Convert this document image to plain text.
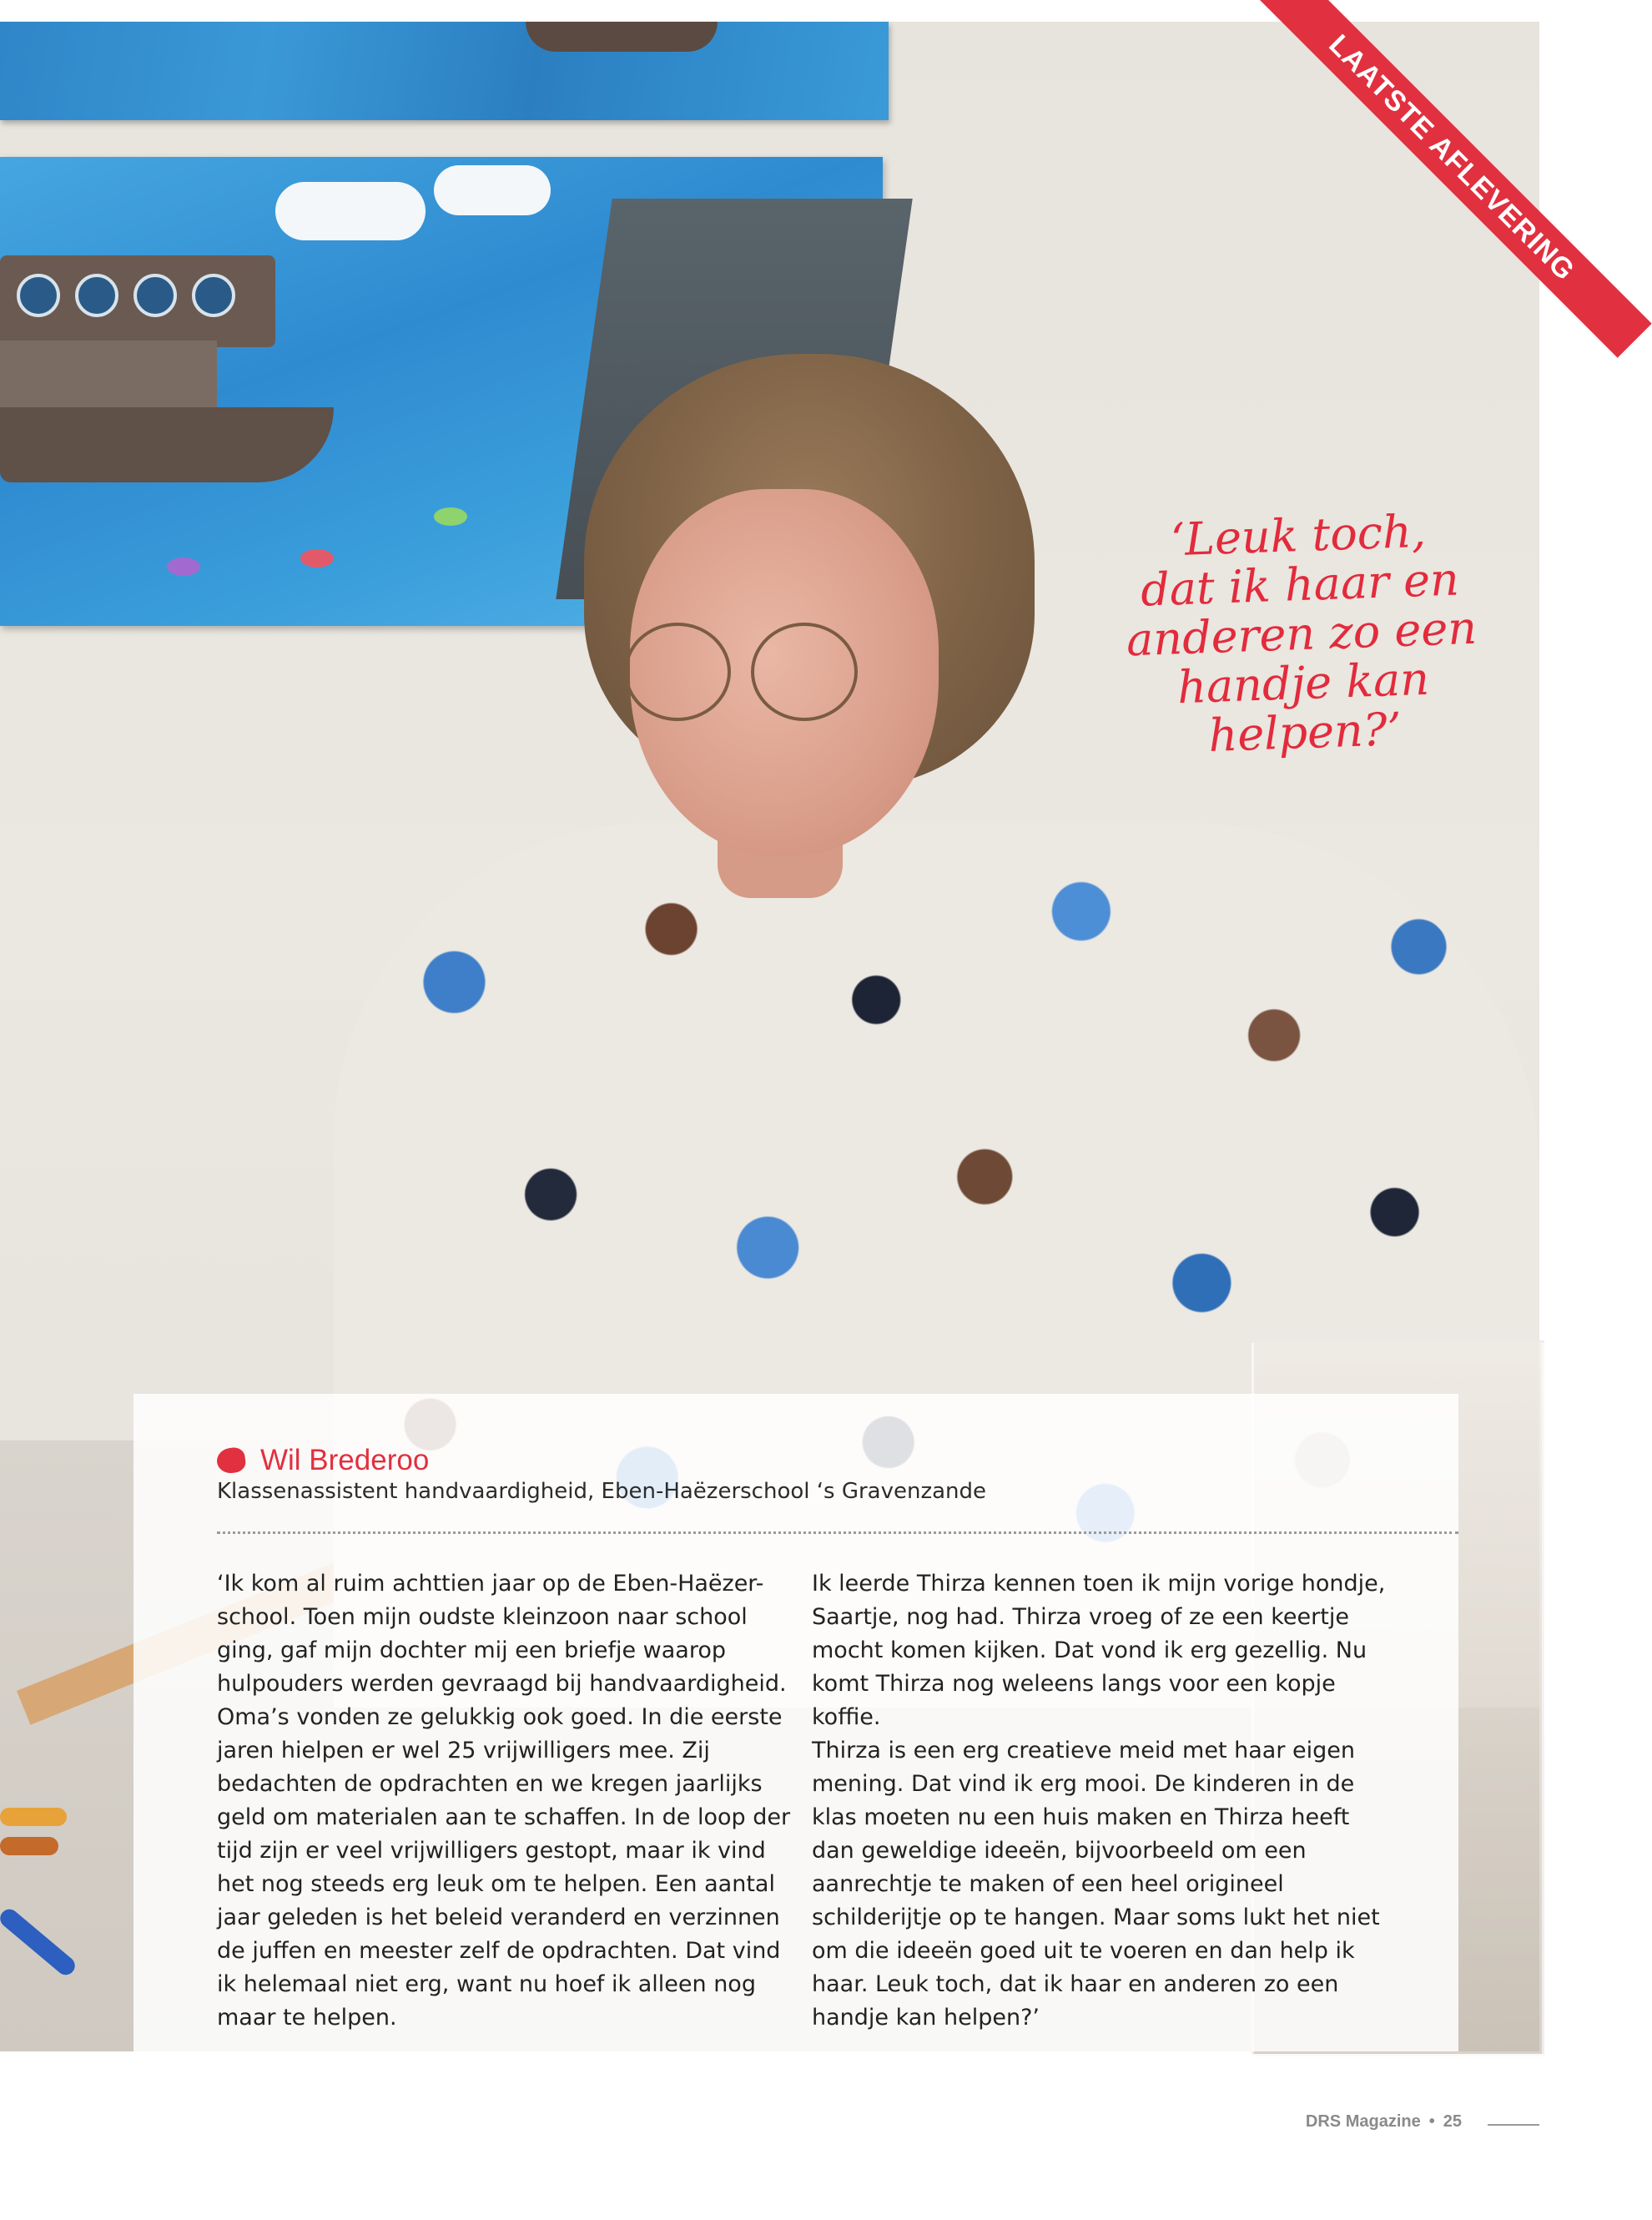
LAATSTE AFLEVERING
‘Leuk toch,
dat ik haar en
anderen zo een
handje kan
helpen?’
Wil Brederoo
Klassenassistent handvaardigheid, Eben-Haëzerschool ‘s Gravenzande

‘Ik kom al ruim achttien jaar op de Eben-Haëzer-school. Toen mijn oudste kleinzoon naar school ging, gaf mijn dochter mij een briefje waarop hulpouders werden gevraagd bij handvaardigheid. Oma’s vonden ze gelukkig ook goed. In die eerste jaren hielpen er wel 25 vrijwilligers mee. Zij bedachten de opdrachten en we kregen jaarlijks geld om materialen aan te schaffen. In de loop der tijd zijn er veel vrijwilligers gestopt, maar ik vind het nog steeds erg leuk om te helpen. Een aantal jaar geleden is het beleid veranderd en verzinnen de juffen en meester zelf de opdrachten. Dat vind ik helemaal niet erg, want nu hoef ik alleen nog maar te helpen.

Ik leerde Thirza kennen toen ik mijn vorige hondje, Saartje, nog had. Thirza vroeg of ze een keertje mocht komen kijken. Dat vond ik erg gezellig. Nu komt Thirza nog weleens langs voor een kopje koffie.

Thirza is een erg creatieve meid met haar eigen mening. Dat vind ik erg mooi. De kinderen in de klas moeten nu een huis maken en Thirza heeft dan geweldige ideeën, bijvoorbeeld om een aanrechtje te maken of een heel origineel schilderijtje op te hangen. Maar soms lukt het niet om die ideeën goed uit te voeren en dan help ik haar. Leuk toch, dat ik haar en anderen zo een handje kan helpen?’

DRS Magazine • 25
